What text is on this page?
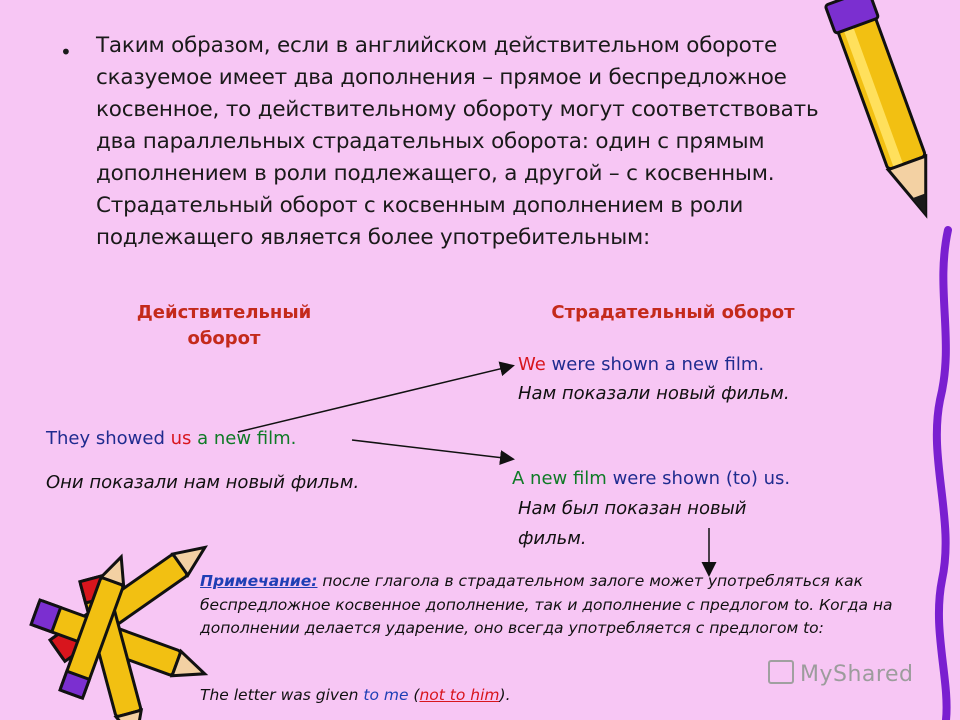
• Таким образом, если в английском действительном обороте сказуемое имеет два дополнения – прямое и беспредложное косвенное, то действительному обороту могут соответствовать два параллельных страдательных оборота: один с прямым дополнением в роли подлежащего, а другой – с косвенным. Страдательный оборот с косвенным дополнением в роли подлежащего является более употребительным:
Действительный
оборот
Страдательный оборот
They showed us a new film.
Они показали нам новый фильм.
We were shown a new film.
Нам показали новый фильм.
A new film were shown (to) us.
Нам был показан новый
фильм.
Примечание: после глагола в страдательном залоге может употребляться как беспредложное косвенное дополнение, так и дополнение с предлогом to. Когда на дополнении делается ударение, оно всегда употребляется с предлогом to:
The letter was given to me (not to him).
MyShared
